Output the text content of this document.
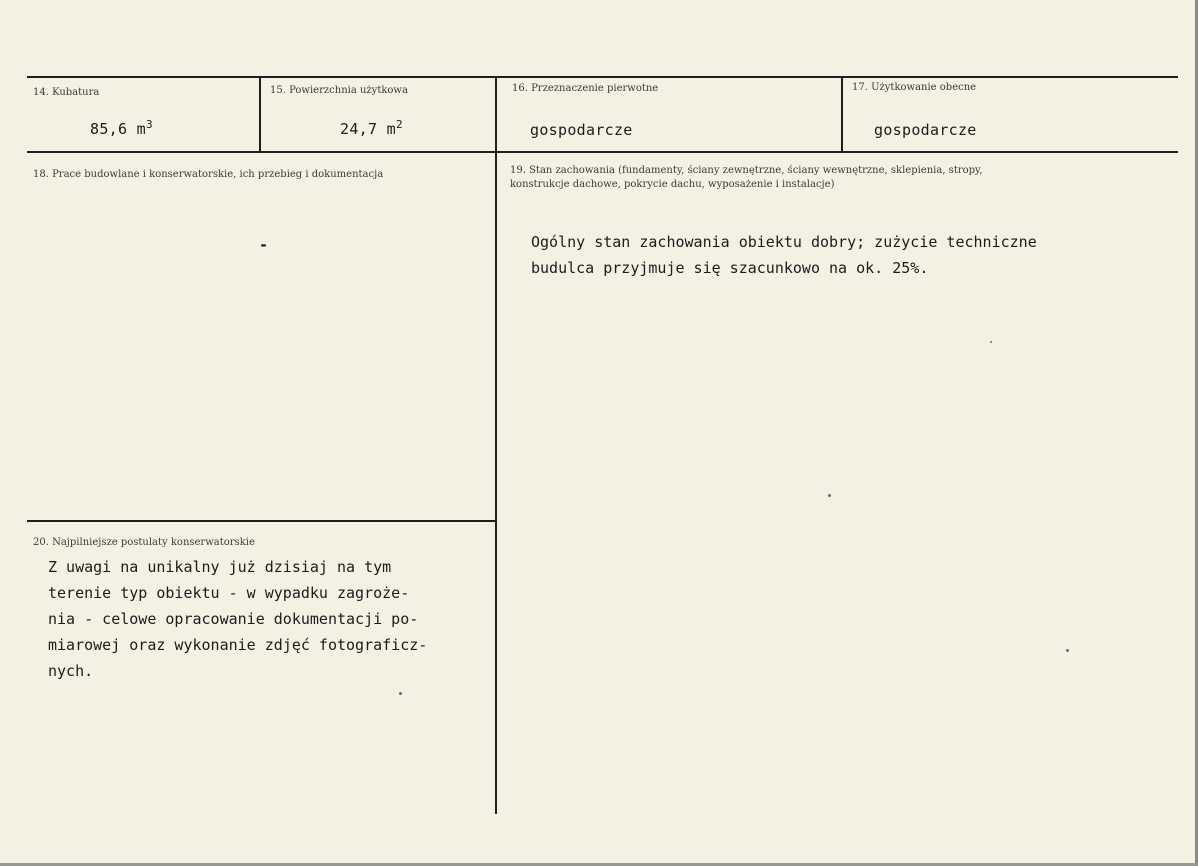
14. Kubatura
85,6 $m^3$
15. Powierzchnia użytkowa
24,7 $m^2$
16. Przeznaczenie pierwotne
gospodarcze
17. Użytkowanie obecne
gospodarcze
18. Prace budowlane i konserwatorskie, ich przebieg i dokumentacja
-
19. Stan zachowania (fundamenty, ściany zewnętrzne, ściany wewnętrzne, sklepienia, stropy,
konstrukcje dachowe, pokrycie dachu, wyposażenie i instalacje)
Ogólny stan zachowania obiektu dobry; zużycie techniczne
budulca przyjmuje się szacunkowo na ok. 25%.
20. Najpilniejsze postulaty konserwatorskie
Z uwagi na unikalny już dzisiaj na tym
terenie typ obiektu - w wypadku zagroże-
nia - celowe opracowanie dokumentacji po-
miarowej oraz wykonanie zdjęć fotograficz-
nych.
